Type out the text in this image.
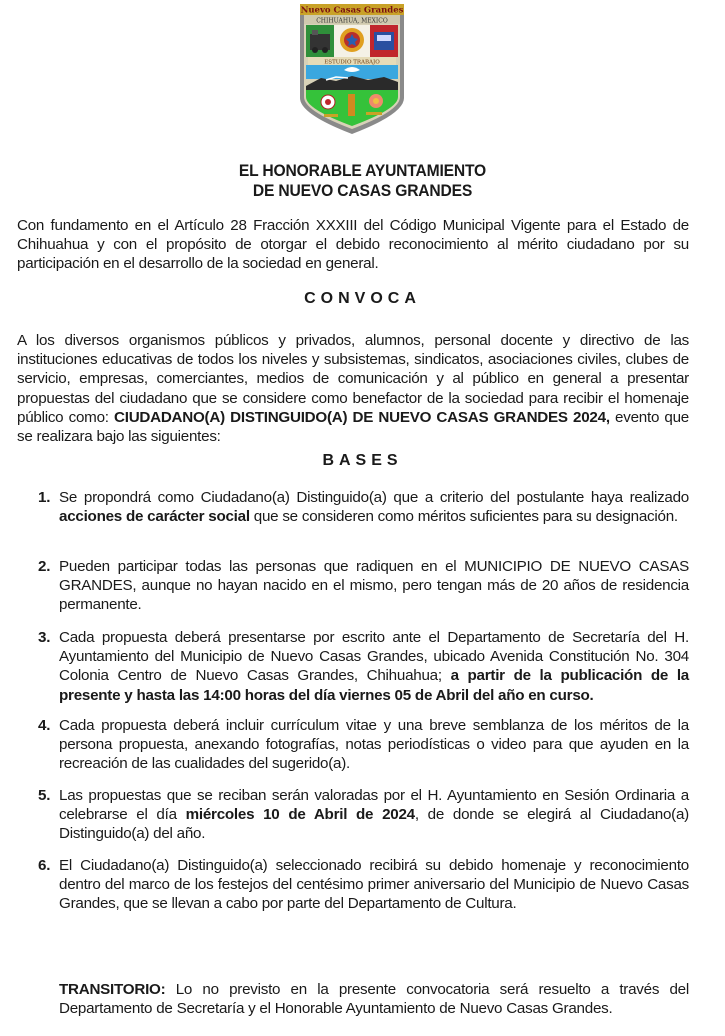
Nuevo Casas Grandes
CHIHUAHUA, MEXICO
ESTUDIO TRABAJO
EL HONORABLE AYUNTAMIENTO
DE NUEVO CASAS GRANDES
Con fundamento en el Artículo 28 Fracción XXXIII del Código Municipal Vigente para el Estado de Chihuahua y con el propósito de otorgar el debido reconocimiento al mérito ciudadano por su participación en el desarrollo de la sociedad en general.
CONVOCA
A los diversos organismos públicos y privados, alumnos, personal docente y directivo de las instituciones educativas de todos los niveles y subsistemas, sindicatos, asociaciones civiles, clubes de servicio, empresas, comerciantes, medios de comunicación y al público en general a presentar propuestas del ciudadano que se considere como benefactor de la sociedad para recibir el homenaje público como: CIUDADANO(A) DISTINGUIDO(A) DE NUEVO CASAS GRANDES 2024, evento que se realizara bajo las siguientes:
BASES
1. Se propondrá como Ciudadano(a) Distinguido(a) que a criterio del postulante haya realizado acciones de carácter social que se consideren como méritos suficientes para su designación.
2. Pueden participar todas las personas que radiquen en el MUNICIPIO DE NUEVO CASAS GRANDES, aunque no hayan nacido en el mismo, pero tengan más de 20 años de residencia permanente.
3. Cada propuesta deberá presentarse por escrito ante el Departamento de Secretaría del H. Ayuntamiento del Municipio de Nuevo Casas Grandes, ubicado Avenida Constitución No. 304 Colonia Centro de Nuevo Casas Grandes, Chihuahua; a partir de la publicación de la presente y hasta las 14:00 horas del día viernes 05 de Abril del año en curso.
4. Cada propuesta deberá incluir currículum vitae y una breve semblanza de los méritos de la persona propuesta, anexando fotografías, notas periodísticas o video para que ayuden en la recreación de las cualidades del sugerido(a).
5. Las propuestas que se reciban serán valoradas por el H. Ayuntamiento en Sesión Ordinaria a celebrarse el día miércoles 10 de Abril de 2024, de donde se elegirá al Ciudadano(a) Distinguido(a) del año.
6. El Ciudadano(a) Distinguido(a) seleccionado recibirá su debido homenaje y reconocimiento dentro del marco de los festejos del centésimo primer aniversario del Municipio de Nuevo Casas Grandes, que se llevan a cabo por parte del Departamento de Cultura.
TRANSITORIO: Lo no previsto en la presente convocatoria será resuelto a través del Departamento de Secretaría y el Honorable Ayuntamiento de Nuevo Casas Grandes.
